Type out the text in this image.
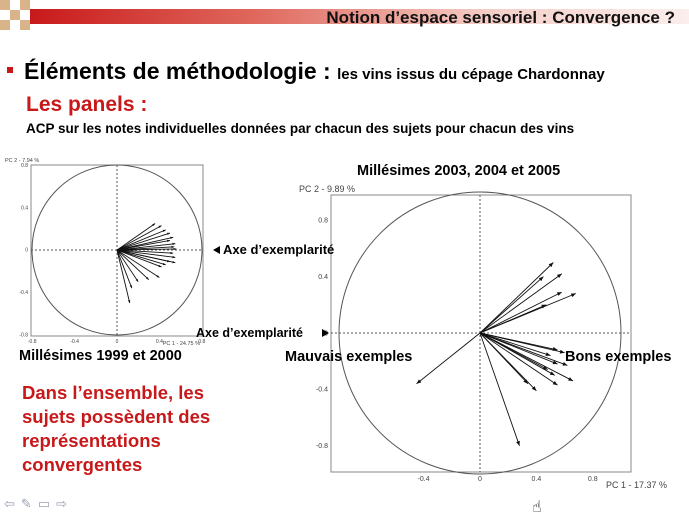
Notion d’espace sensoriel : Convergence ?
Éléments de méthodologie : les vins issus du cépage Chardonnay
Les panels :
ACP sur les notes individuelles données par chacun des sujets pour chacun des vins
-0.8	-0.4	0	0.4	0.8
0.8
0.4
0
-0.4
-0.8
PC 2 - 7.94 %
PC 1 - 24.75 %
-0.4	0	0.4	0.8
0.8
0.4
-0.4
-0.8
PC 2 - 9.89 %
PC 1 - 17.37 %
Axe d’exemplarité
Millésimes 1999 et 2000
Millésimes 2003, 2004 et 2005
Axe d’exemplarité
Mauvais exemples	Bons exemples
Dans l’ensemble, les
sujets possèdent des
représentations
convergentes
⇦✎▭⇨	☝
